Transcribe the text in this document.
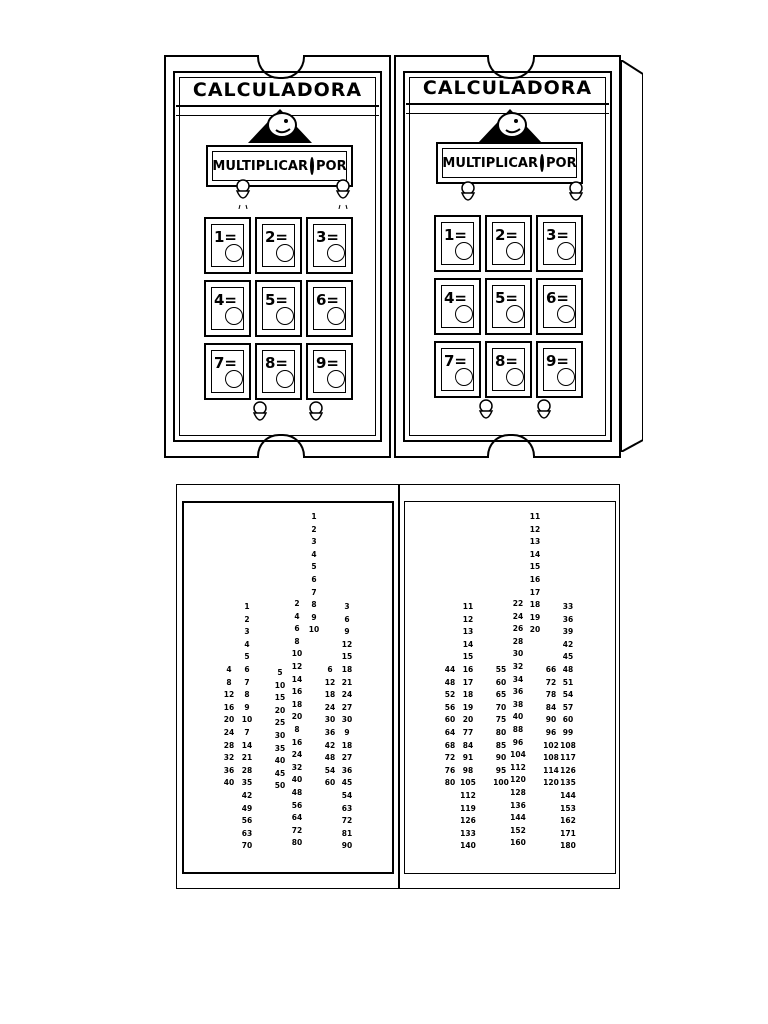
CALCULADORA
MULTIPLICAR POR
1= 2= 3=
4= 5= 6=
7= 8= 9=
CALCULADORA
MULTIPLICAR POR
1= 2= 3=
4= 5= 6=
7= 8= 9=
4
8
12
16
20
24
28
32
36
40
1
2
3
4
5
6
7
8
9
10
7
14
21
28
35
42
49
56
63
70
5
10
15
20
25
30
35
40
45
50
2
4
6
8
10
12
14
16
18
20
8
16
24
32
40
48
56
64
72
80
1
2
3
4
5
6
7
8
9
10
6
12
18
24
30
36
42
48
54
60
3
6
9
12
15
18
21
24
27
30
9
18
27
36
45
54
63
72
81
90
44
48
52
56
60
64
68
72
76
80
11
12
13
14
15
16
17
18
19
20
77
84
91
98
105
112
119
126
133
140
55
60
65
70
75
80
85
90
95
100
22
24
26
28
30
32
34
36
38
40
88
96
104
112
120
128
136
144
152
160
11
12
13
14
15
16
17
18
19
20
66
72
78
84
90
96
102
108
114
120
33
36
39
42
45
48
51
54
57
60
99
108
117
126
135
144
153
162
171
180
